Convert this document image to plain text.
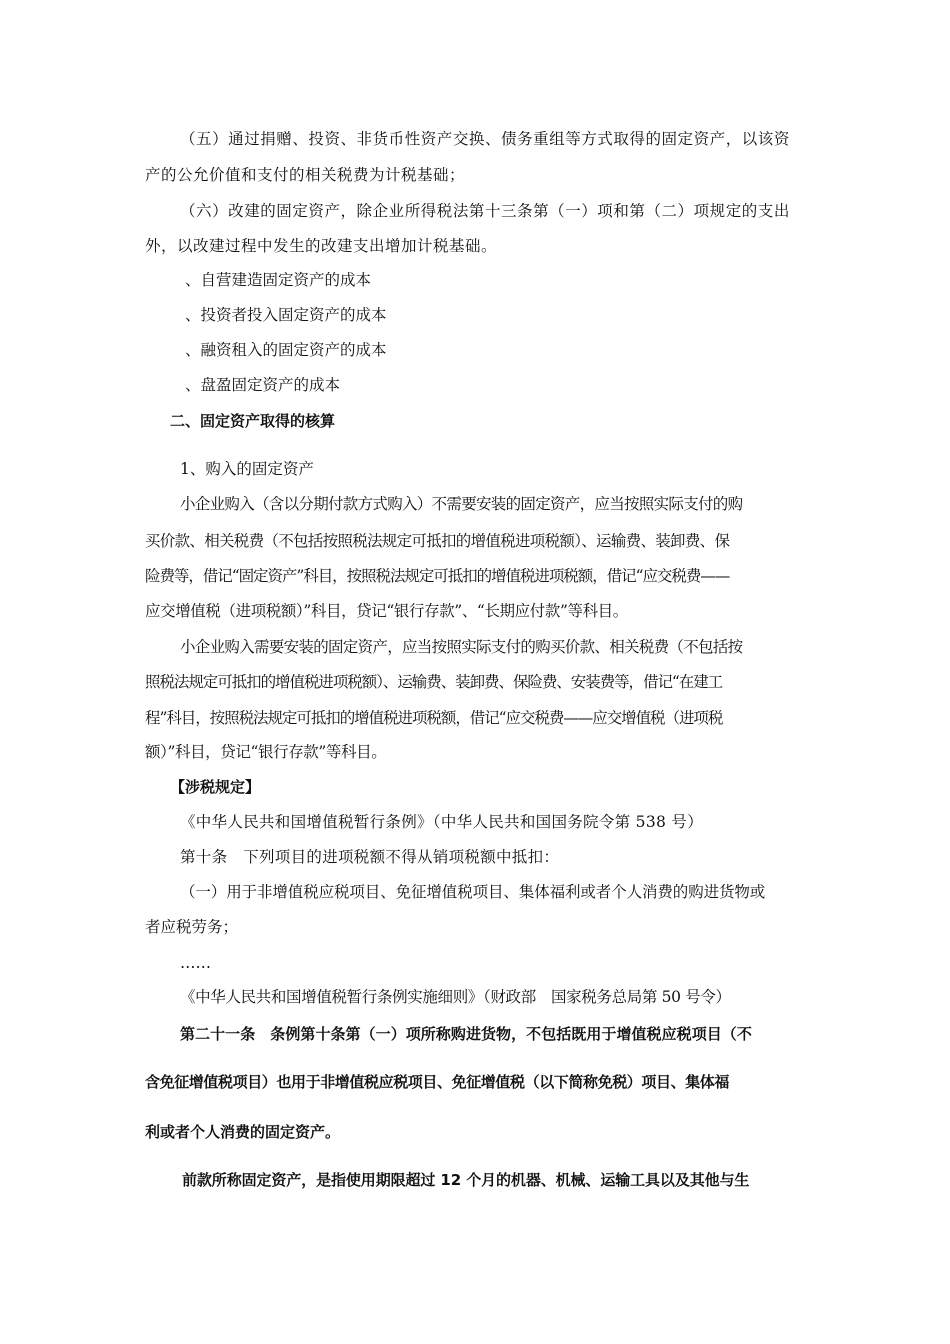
（五）通过捐赠、投资、非货币性资产交换、债务重组等方式取得的固定资产，以该资
产的公允价值和支付的相关税费为计税基础；
（六）改建的固定资产，除企业所得税法第十三条第（一）项和第（二）项规定的支出
外，以改建过程中发生的改建支出增加计税基础。
、自营建造固定资产的成本
、投资者投入固定资产的成本
、融资租入的固定资产的成本
、盘盈固定资产的成本
二、固定资产取得的核算
1、购入的固定资产
小企业购入（含以分期付款方式购入）不需要安装的固定资产，应当按照实际支付的购
买价款、相关税费（不包括按照税法规定可抵扣的增值税进项税额）、运输费、装卸费、保
险费等，借记“固定资产”科目，按照税法规定可抵扣的增值税进项税额，借记“应交税费——
应交增值税（进项税额）”科目，贷记“银行存款”、“长期应付款”等科目。
小企业购入需要安装的固定资产，应当按照实际支付的购买价款、相关税费（不包括按
照税法规定可抵扣的增值税进项税额）、运输费、装卸费、保险费、安装费等，借记“在建工
程”科目，按照税法规定可抵扣的增值税进项税额，借记“应交税费——应交增值税（进项税
额）”科目，贷记“银行存款”等科目。
【涉税规定】
《中华人民共和国增值税暂行条例》（中华人民共和国国务院令第 538 号）
第十条　下列项目的进项税额不得从销项税额中抵扣：
（一）用于非增值税应税项目、免征增值税项目、集体福利或者个人消费的购进货物或
者应税劳务；
……
《中华人民共和国增值税暂行条例实施细则》（财政部　国家税务总局第 50 号令）
第二十一条　条例第十条第（一）项所称购进货物，不包括既用于增值税应税项目（不
含免征增值税项目）也用于非增值税应税项目、免征增值税（以下简称免税）项目、集体福
利或者个人消费的固定资产。
前款所称固定资产，是指使用期限超过 12 个月的机器、机械、运输工具以及其他与生
